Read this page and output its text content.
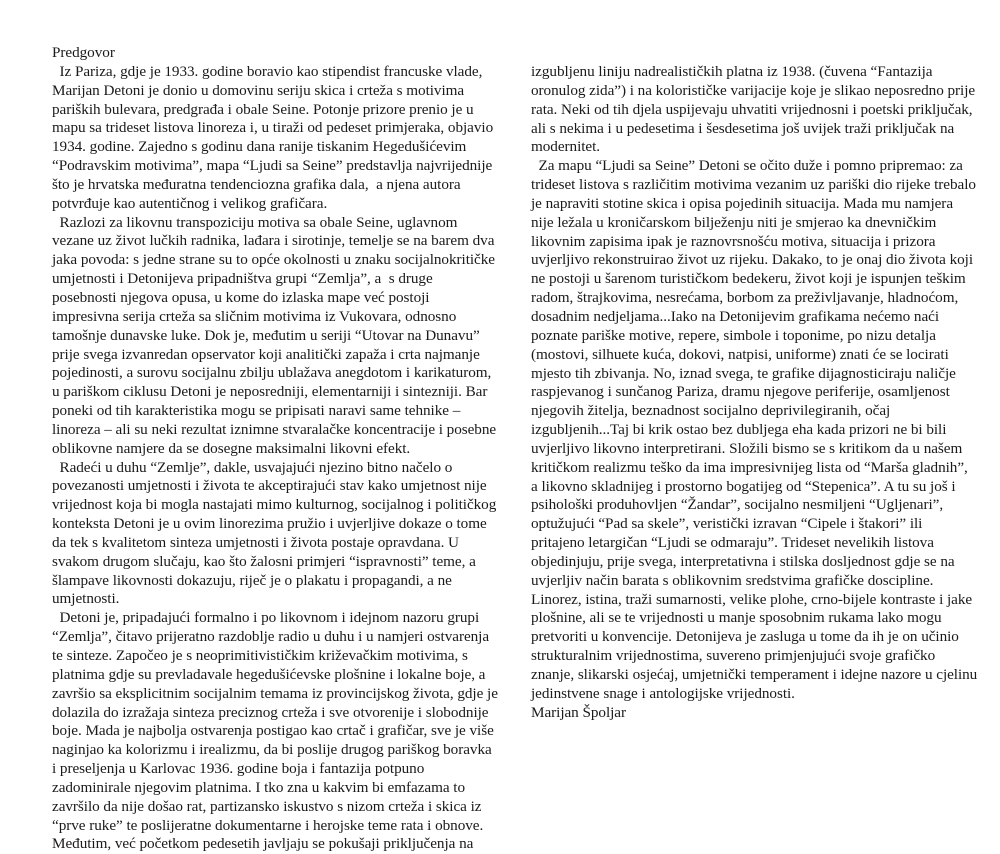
Predgovor
Iz Pariza, gdje je 1933. godine boravio kao stipendist francuske vlade,
Marijan Detoni je donio u domovinu seriju skica i crteža s motivima
pariških bulevara, predgrađa i obale Seine. Potonje prizore prenio je u
mapu sa trideset listova linoreza i, u tiraži od pedeset primjeraka, objavio
1934. godine. Zajedno s godinu dana ranije tiskanim Hegedušićevim
“Podravskim motivima”, mapa “Ljudi sa Seine” predstavlja najvrijednije
što je hrvatska međuratna tendenciozna grafika dala,  a njena autora
potvrđuje kao autentičnog i velikog grafičara.
Razlozi za likovnu transpoziciju motiva sa obale Seine, uglavnom
vezane uz život lučkih radnika, lađara i sirotinje, temelje se na barem dva
jaka povoda: s jedne strane su to opće okolnosti u znaku socijalnokritičke
umjetnosti i Detonijeva pripadništva grupi “Zemlja”, a  s druge
posebnosti njegova opusa, u kome do izlaska mape već postoji
impresivna serija crteža sa sličnim motivima iz Vukovara, odnosno
tamošnje dunavske luke. Dok je, međutim u seriji “Utovar na Dunavu”
prije svega izvanredan opservator koji analitički zapaža i crta najmanje
pojedinosti, a surovu socijalnu zbilju ublažava anegdotom i karikaturom,
u pariškom ciklusu Detoni je neposredniji, elementarniji i sintezniji. Bar
poneki od tih karakteristika mogu se pripisati naravi same tehnike –
linoreza – ali su neki rezultat iznimne stvaralačke koncentracije i posebne
oblikovne namjere da se dosegne maksimalni likovni efekt.
Radeći u duhu “Zemlje”, dakle, usvajajući njezino bitno načelo o
povezanosti umjetnosti i života te akceptirajući stav kako umjetnost nije
vrijednost koja bi mogla nastajati mimo kulturnog, socijalnog i političkog
konteksta Detoni je u ovim linorezima pružio i uvjerljive dokaze o tome
da tek s kvalitetom sinteza umjetnosti i života postaje opravdana. U
svakom drugom slučaju, kao što žalosni primjeri “ispravnosti” teme, a
šlampave likovnosti dokazuju, riječ je o plakatu i propagandi, a ne
umjetnosti.
Detoni je, pripadajući formalno i po likovnom i idejnom nazoru grupi
“Zemlja”, čitavo prijeratno razdoblje radio u duhu i u namjeri ostvarenja
te sinteze. Započeo je s neoprimitivističkim križevačkim motivima, s
platnima gdje su prevladavale hegedušićevske plošnine i lokalne boje, a
završio sa eksplicitnim socijalnim temama iz provincijskog života, gdje je
dolazila do izražaja sinteza preciznog crteža i sve otvorenije i slobodnije
boje. Mada je najbolja ostvarenja postigao kao crtač i grafičar, sve je više
naginjao ka kolorizmu i irealizmu, da bi poslije drugog pariškog boravka
i preseljenja u Karlovac 1936. godine boja i fantazija potpuno
zadominirale njegovim platnima. I tko zna u kakvim bi emfazama to
završilo da nije došao rat, partizansko iskustvo s nizom crteža i skica iz
“prve ruke” te poslijeratne dokumentarne i herojske teme rata i obnove.
Međutim, već početkom pedesetih javljaju se pokušaji priključenja na
izgubljenu liniju nadrealističkih platna iz 1938. (čuvena “Fantazija
oronulog zida”) i na kolorističke varijacije koje je slikao neposredno prije
rata. Neki od tih djela uspijevaju uhvatiti vrijednosni i poetski priključak,
ali s nekima i u pedesetima i šesdesetima još uvijek traži priključak na
modernitet.
Za mapu “Ljudi sa Seine” Detoni se očito duže i pomno pripremao: za
trideset listova s različitim motivima vezanim uz pariški dio rijeke trebalo
je napraviti stotine skica i opisa pojedinih situacija. Mada mu namjera
nije ležala u kroničarskom bilježenju niti je smjerao ka dnevničkim
likovnim zapisima ipak je raznovrsnošću motiva, situacija i prizora
uvjerljivo rekonstruirao život uz rijeku. Dakako, to je onaj dio života koji
ne postoji u šarenom turističkom bedekeru, život koji je ispunjen teškim
radom, štrajkovima, nesrećama, borbom za preživljavanje, hladnoćom,
dosadnim nedjeljama...Iako na Detonijevim grafikama nećemo naći
poznate pariške motive, repere, simbole i toponime, po nizu detalja
(mostovi, silhuete kuća, dokovi, natpisi, uniforme) znati će se locirati
mjesto tih zbivanja. No, iznad svega, te grafike dijagnosticiraju naličje
raspjevanog i sunčanog Pariza, dramu njegove periferije, osamljenost
njegovih žitelja, beznadnost socijalno deprivilegiranih, očaj
izgubljenih...Taj bi krik ostao bez dubljega eha kada prizori ne bi bili
uvjerljivo likovno interpretirani. Složili bismo se s kritikom da u našem
kritičkom realizmu teško da ima impresivnijeg lista od “Marša gladnih”,
a likovno skladnijeg i prostorno bogatijeg od “Stepenica”. A tu su još i
psihološki produhovljen “Žandar”, socijalno nesmiljeni “Ugljenari”,
optužujući “Pad sa skele”, veristički izravan “Cipele i štakori” ili
pritajeno letargičan “Ljudi se odmaraju”. Trideset nevelikih listova
objedinjuju, prije svega, interpretativna i stilska dosljednost gdje se na
uvjerljiv način barata s oblikovnim sredstvima grafičke doscipline.
Linorez, istina, traži sumarnosti, velike plohe, crno-bijele kontraste i jake
plošnine, ali se te vrijednosti u manje sposobnim rukama lako mogu
pretvoriti u konvencije. Detonijeva je zasluga u tome da ih je on učinio
strukturalnim vrijednostima, suvereno primjenjujući svoje grafičko
znanje, slikarski osjećaj, umjetnički temperament i idejne nazore u cjelinu
jedinstvene snage i antologijske vrijednosti.
Marijan Špoljar
